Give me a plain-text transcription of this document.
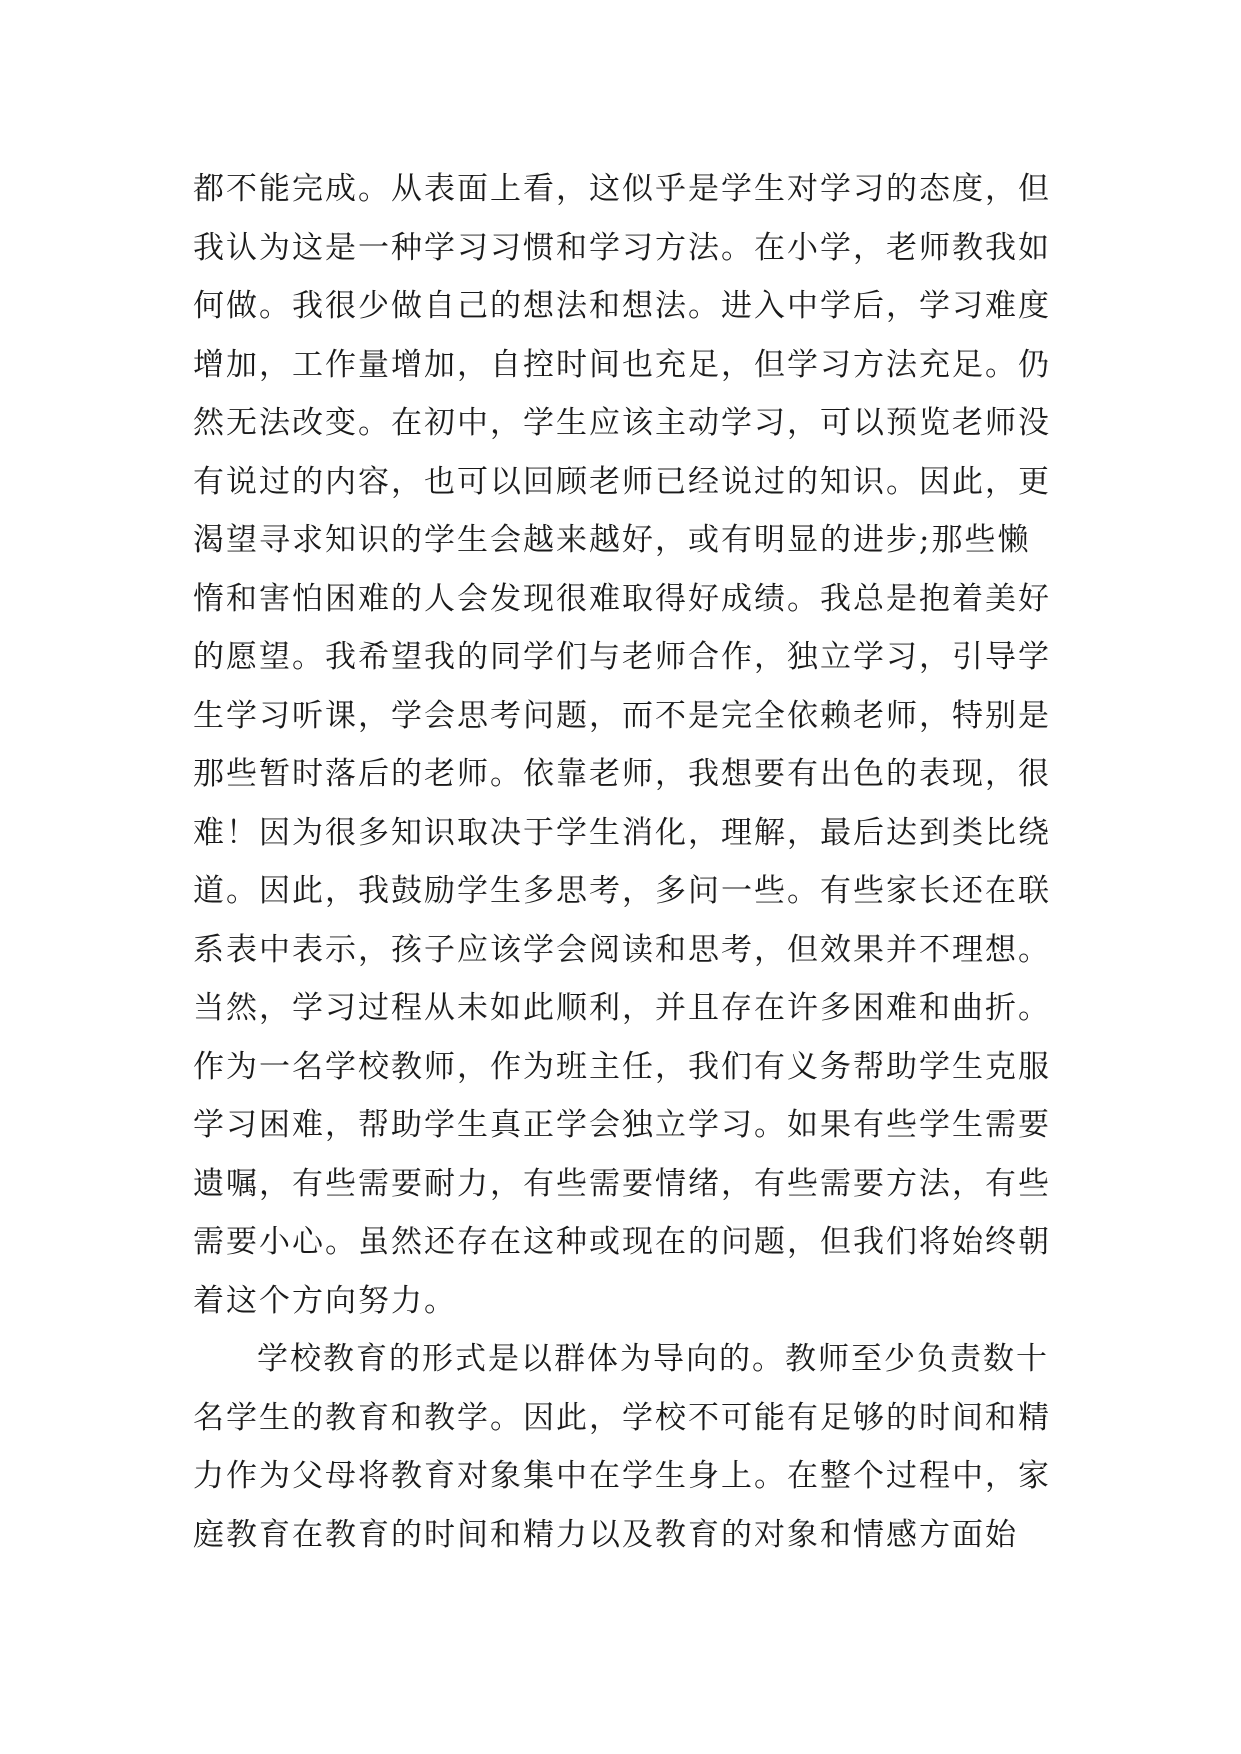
都不能完成。从表面上看，这似乎是学生对学习的态度，但
我认为这是一种学习习惯和学习方法。在小学，老师教我如
何做。我很少做自己的想法和想法。进入中学后，学习难度
增加，工作量增加，自控时间也充足，但学习方法充足。仍
然无法改变。在初中，学生应该主动学习，可以预览老师没
有说过的内容，也可以回顾老师已经说过的知识。因此，更
渴望寻求知识的学生会越来越好，或有明显的进步;那些懒
惰和害怕困难的人会发现很难取得好成绩。我总是抱着美好
的愿望。我希望我的同学们与老师合作，独立学习，引导学
生学习听课，学会思考问题，而不是完全依赖老师，特别是
那些暂时落后的老师。依靠老师，我想要有出色的表现，很
难！因为很多知识取决于学生消化，理解，最后达到类比绕
道。因此，我鼓励学生多思考，多问一些。有些家长还在联
系表中表示，孩子应该学会阅读和思考，但效果并不理想。
当然，学习过程从未如此顺利，并且存在许多困难和曲折。
作为一名学校教师，作为班主任，我们有义务帮助学生克服
学习困难，帮助学生真正学会独立学习。如果有些学生需要
遗嘱，有些需要耐力，有些需要情绪，有些需要方法，有些
需要小心。虽然还存在这种或现在的问题，但我们将始终朝
着这个方向努力。
学校教育的形式是以群体为导向的。教师至少负责数十
名学生的教育和教学。因此，学校不可能有足够的时间和精
力作为父母将教育对象集中在学生身上。在整个过程中，家
庭教育在教育的时间和精力以及教育的对象和情感方面始
